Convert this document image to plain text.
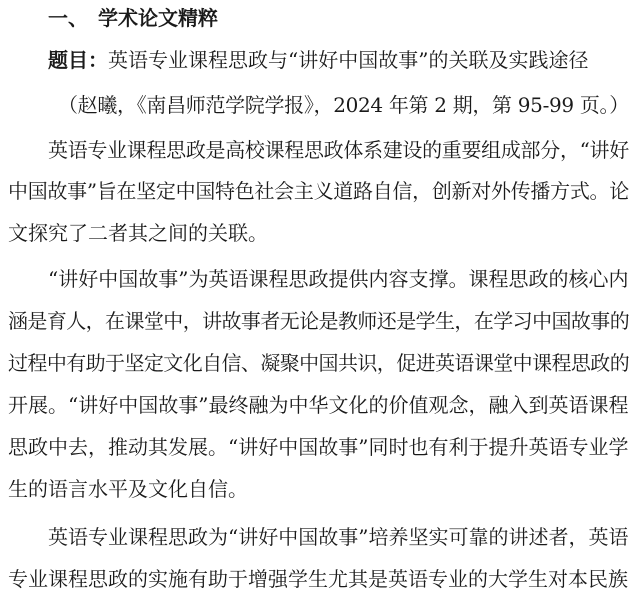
一、 学术论文精粹
题目：英语专业课程思政与“讲好中国故事”的关联及实践途径
（赵曦，《南昌师范学院学报》，2024 年第 2 期，第 95-99 页。）
英语专业课程思政是高校课程思政体系建设的重要组成部分，“讲好
中国故事”旨在坚定中国特色社会主义道路自信，创新对外传播方式。论
文探究了二者其之间的关联。
“讲好中国故事”为英语课程思政提供内容支撑。课程思政的核心内
涵是育人，在课堂中，讲故事者无论是教师还是学生，在学习中国故事的
过程中有助于坚定文化自信、凝聚中国共识，促进英语课堂中课程思政的
开展。“讲好中国故事”最终融为中华文化的价值观念，融入到英语课程
思政中去，推动其发展。“讲好中国故事”同时也有利于提升英语专业学
生的语言水平及文化自信。
英语专业课程思政为“讲好中国故事”培养坚实可靠的讲述者，英语
专业课程思政的实施有助于增强学生尤其是英语专业的大学生对本民族
